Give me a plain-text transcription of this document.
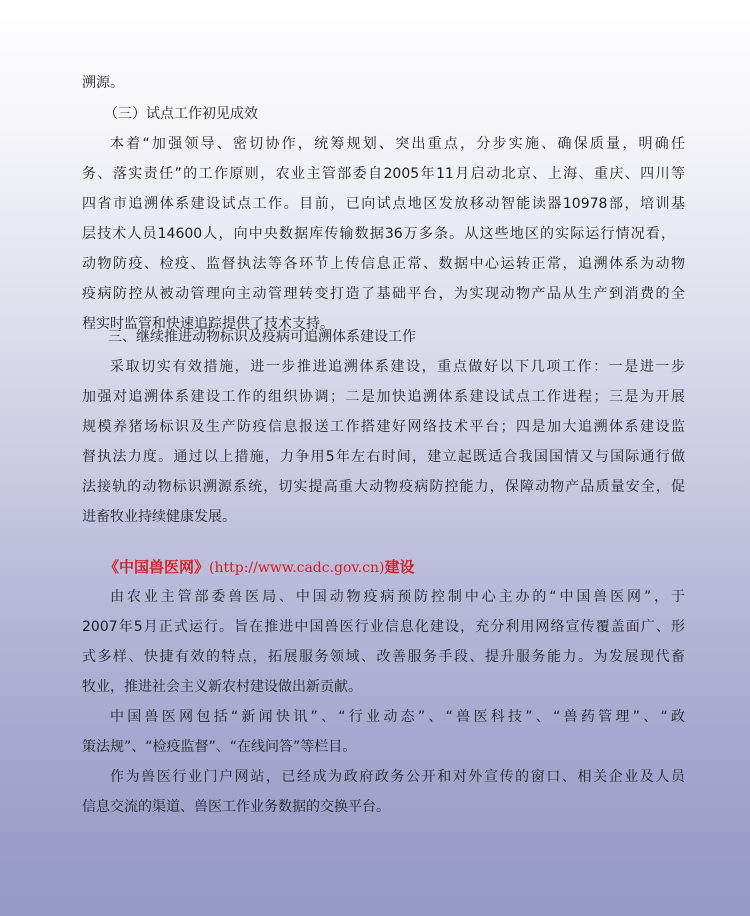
溯源。
（三）试点工作初见成效
本着“加强领导、密切协作，统筹规划、突出重点，分步实施、确保质量，明确任
务、落实责任”的工作原则，农业主管部委自2005年11月启动北京、上海、重庆、四川等
四省市追溯体系建设试点工作。目前，已向试点地区发放移动智能读器10978部，培训基
层技术人员14600人，向中央数据库传输数据36万多条。从这些地区的实际运行情况看，
动物防疫、检疫、监督执法等各环节上传信息正常、数据中心运转正常，追溯体系为动物
疫病防控从被动管理向主动管理转变打造了基础平台，为实现动物产品从生产到消费的全
程实时监管和快速追踪提供了技术支持。
三、继续推进动物标识及疫病可追溯体系建设工作
采取切实有效措施，进一步推进追溯体系建设，重点做好以下几项工作：一是进一步
加强对追溯体系建设工作的组织协调；二是加快追溯体系建设试点工作进程；三是为开展
规模养猪场标识及生产防疫信息报送工作搭建好网络技术平台；四是加大追溯体系建设监
督执法力度。通过以上措施，力争用5年左右时间，建立起既适合我国国情又与国际通行做
法接轨的动物标识溯源系统，切实提高重大动物疫病防控能力，保障动物产品质量安全，促
进畜牧业持续健康发展。
《中国兽医网》(http://www.cadc.gov.cn)建设
由农业主管部委兽医局、中国动物疫病预防控制中心主办的“中国兽医网”，于
2007年5月正式运行。旨在推进中国兽医行业信息化建设，充分利用网络宣传覆盖面广、形
式多样、快捷有效的特点，拓展服务领域、改善服务手段、提升服务能力。为发展现代畜
牧业，推进社会主义新农村建设做出新贡献。
中国兽医网包括“新闻快讯”、“行业动态”、“兽医科技”、“兽药管理”、“政
策法规”、“检疫监督”、“在线问答”等栏目。
作为兽医行业门户网站，已经成为政府政务公开和对外宣传的窗口、相关企业及人员
信息交流的渠道、兽医工作业务数据的交换平台。
